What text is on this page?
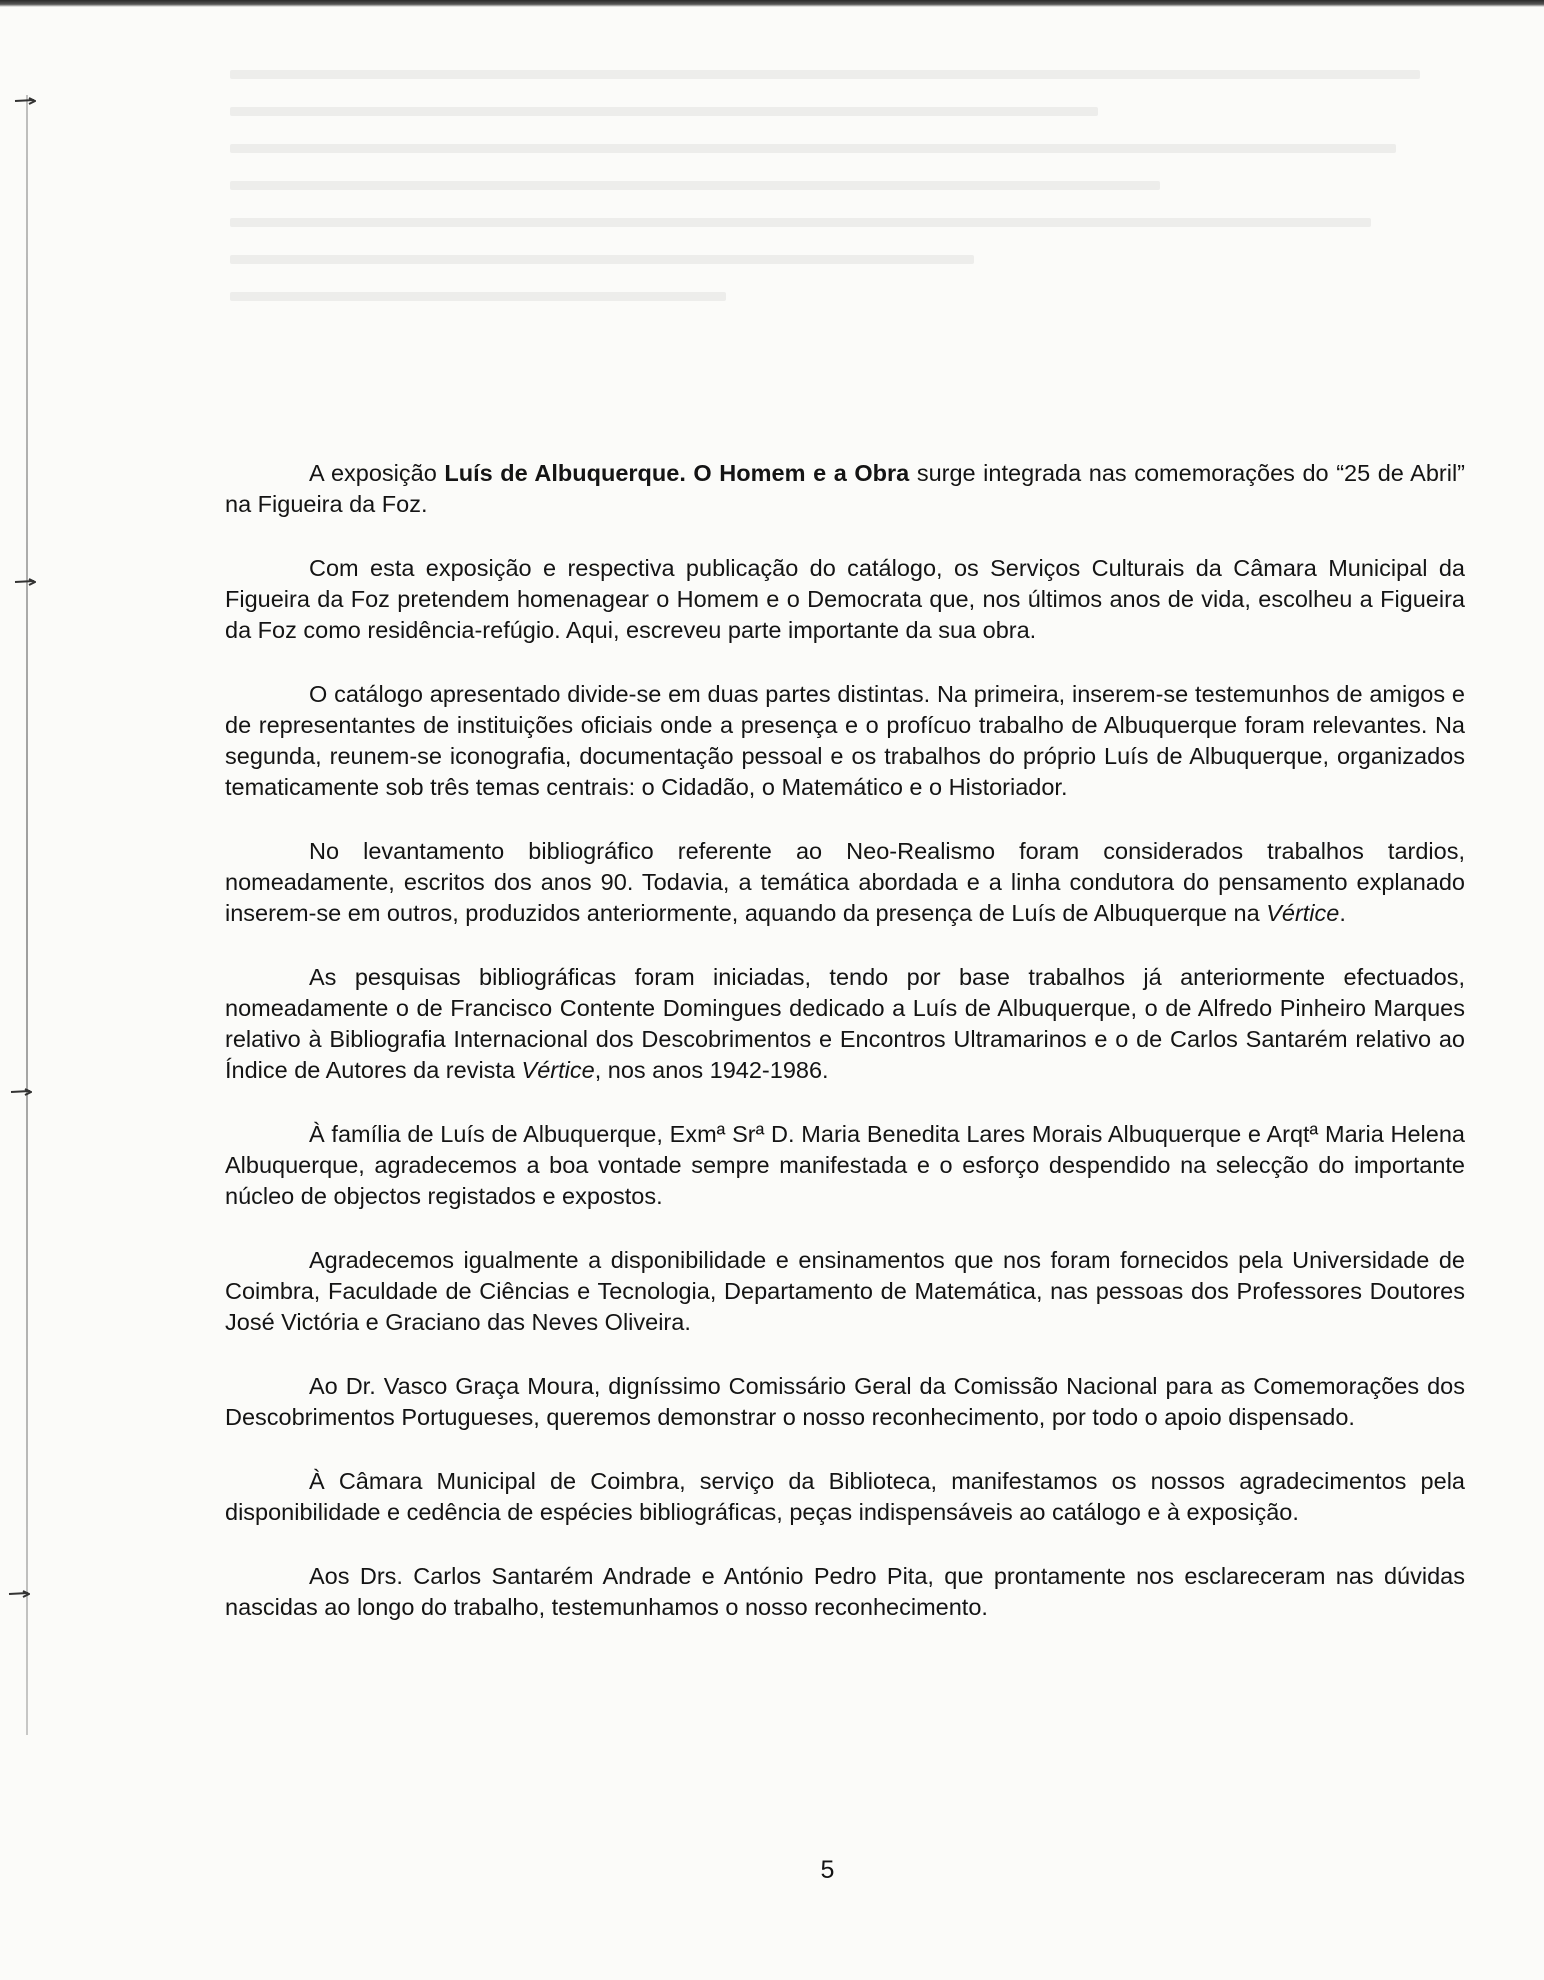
A exposição Luís de Albuquerque. O Homem e a Obra surge integrada nas comemorações do “25 de Abril” na Figueira da Foz.

Com esta exposição e respectiva publicação do catálogo, os Serviços Culturais da Câmara Municipal da Figueira da Foz pretendem homenagear o Homem e o Democrata que, nos últimos anos de vida, escolheu a Figueira da Foz como residência-refúgio. Aqui, escreveu parte importante da sua obra.

O catálogo apresentado divide-se em duas partes distintas. Na primeira, inserem-se testemunhos de amigos e de representantes de instituições oficiais onde a presença e o profícuo trabalho de Albuquerque foram relevantes. Na segunda, reunem-se iconografia, documentação pessoal e os trabalhos do próprio Luís de Albuquerque, organizados tematicamente sob três temas centrais: o Cidadão, o Matemático e o Historiador.

No levantamento bibliográfico referente ao Neo-Realismo foram considerados trabalhos tardios, nomeadamente, escritos dos anos 90. Todavia, a temática abordada e a linha condutora do pensamento explanado inserem-se em outros, produzidos anteriormente, aquando da presença de Luís de Albuquerque na Vértice.

As pesquisas bibliográficas foram iniciadas, tendo por base trabalhos já anteriormente efectuados, nomeadamente o de Francisco Contente Domingues dedicado a Luís de Albuquerque, o de Alfredo Pinheiro Marques relativo à Bibliografia Internacional dos Descobrimentos e Encontros Ultramarinos e o de Carlos Santarém relativo ao Índice de Autores da revista Vértice, nos anos 1942-1986.

À família de Luís de Albuquerque, Exmª Srª D. Maria Benedita Lares Morais Albuquerque e Arqtª Maria Helena Albuquerque, agradecemos a boa vontade sempre manifestada e o esforço despendido na selecção do importante núcleo de objectos registados e expostos.

Agradecemos igualmente a disponibilidade e ensinamentos que nos foram fornecidos pela Universidade de Coimbra, Faculdade de Ciências e Tecnologia, Departamento de Matemática, nas pessoas dos Professores Doutores José Victória e Graciano das Neves Oliveira.

Ao Dr. Vasco Graça Moura, digníssimo Comissário Geral da Comissão Nacional para as Comemorações dos Descobrimentos Portugueses, queremos demonstrar o nosso reconhecimento, por todo o apoio dispensado.

À Câmara Municipal de Coimbra, serviço da Biblioteca, manifestamos os nossos agradecimentos pela disponibilidade e cedência de espécies bibliográficas, peças indispensáveis ao catálogo e à exposição.

Aos Drs. Carlos Santarém Andrade e António Pedro Pita, que prontamente nos esclareceram nas dúvidas nascidas ao longo do trabalho, testemunhamos o nosso reconhecimento.

5
